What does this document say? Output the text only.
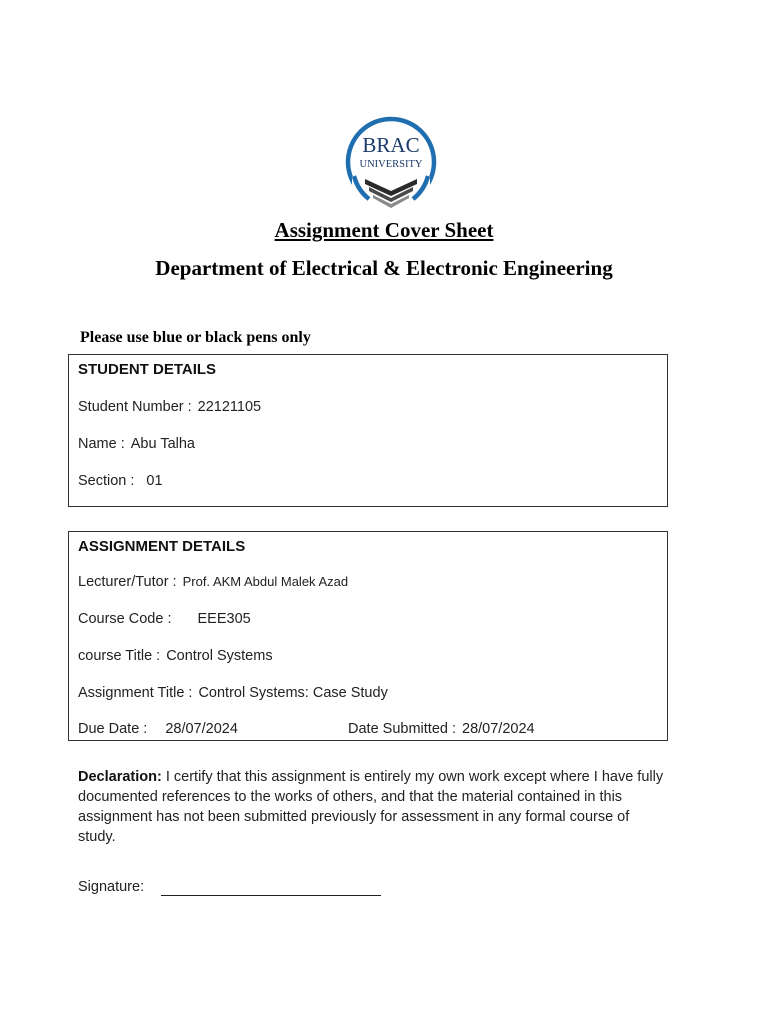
BRAC
UNIVERSITY
Assignment Cover Sheet
Department of Electrical & Electronic Engineering
Please use blue or black pens only
STUDENT DETAILS
Student Number : 22121105
Name : Abu Talha
Section : 01
ASSIGNMENT DETAILS
Lecturer/Tutor : Prof. AKM Abdul Malek Azad
Course Code : EEE305
course Title : Control Systems
Assignment Title : Control Systems: Case Study
Due Date : 28/07/2024	Date Submitted : 28/07/2024
Declaration: I certify that this assignment is entirely my own work except where I have fully documented references to the works of others, and that the material contained in this assignment has not been submitted previously for assessment in any formal course of study.
Signature:
